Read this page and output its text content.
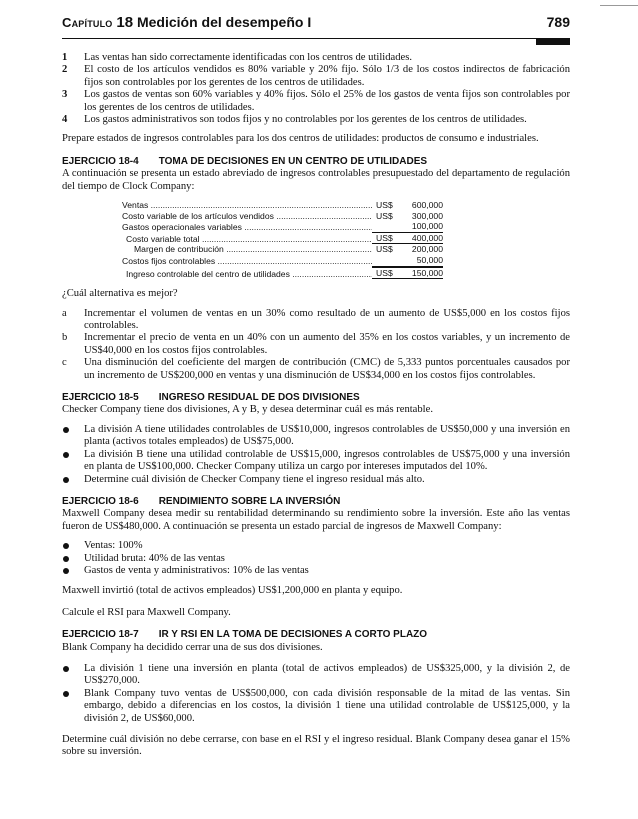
Capítulo 18 Medición del desempeño I	789
1 Las ventas han sido correctamente identificadas con los centros de utilidades.
2 El costo de los artículos vendidos es 80% variable y 20% fijo. Sólo 1/3 de los costos indirectos de fabricación fijos son controlables por los gerentes de los centros de utilidades.
3 Los gastos de ventas son 60% variables y 40% fijos. Sólo el 25% de los gastos de venta fijos son controlables por los gerentes de los centros de utilidades.
4 Los gastos administrativos son todos fijos y no controlables por los gerentes de los centros de utilidades.

Prepare estados de ingresos controlables para los dos centros de utilidades: productos de consumo e industriales.

EJERCICIO 18-4 TOMA DE DECISIONES EN UN CENTRO DE UTILIDADES

A continuación se presenta un estado abreviado de ingresos controlables presupuestado del departamento de regulación del tiempo de Clock Company:

Ventas .....	US$	600,000
Costo variable de los artículos vendidos .....	US$	300,000
Gastos operacionales variables .....	100,000
Costo variable total .....	US$	400,000
Margen de contribución .....	US$	200,000
Costos fijos controlables .....	50,000
Ingreso controlable del centro de utilidades .....	US$	150,000

¿Cuál alternativa es mejor?

a Incrementar el volumen de ventas en un 30% como resultado de un aumento de US$5,000 en los costos fijos controlables.
b Incrementar el precio de venta en un 40% con un aumento del 35% en los costos variables, y un incremento de US$40,000 en los costos fijos controlables.
c Una disminución del coeficiente del margen de contribución (CMC) de 5,333 puntos porcentuales causados por un incremento de US$200,000 en ventas y una disminución de US$34,000 en los costos fijos controlables.
EJERCICIO 18-5 INGRESO RESIDUAL DE DOS DIVISIONES

Checker Company tiene dos divisiones, A y B, y desea determinar cuál es más rentable.

La división A tiene utilidades controlables de US$10,000, ingresos controlables de US$50,000 y una inversión en planta (activos totales empleados) de US$75,000.
La división B tiene una utilidad controlable de US$15,000, ingresos controlables de US$75,000 y una inversión en planta de US$100,000. Checker Company utiliza un cargo por intereses imputados del 10%.
Determine cuál división de Checker Company tiene el ingreso residual más alto.
EJERCICIO 18-6 RENDIMIENTO SOBRE LA INVERSIÓN

Maxwell Company desea medir su rentabilidad determinando su rendimiento sobre la inversión. Este año las ventas fueron de US$480,000. A continuación se presenta un estado parcial de ingresos de Maxwell Company:

Ventas: 100%
Utilidad bruta: 40% de las ventas
Gastos de venta y administrativos: 10% de las ventas

Maxwell invirtió (total de activos empleados) US$1,200,000 en planta y equipo.

Calcule el RSI para Maxwell Company.

EJERCICIO 18-7 IR Y RSI EN LA TOMA DE DECISIONES A CORTO PLAZO

Blank Company ha decidido cerrar una de sus dos divisiones.

La división 1 tiene una inversión en planta (total de activos empleados) de US$325,000, y la división 2, de US$270,000.
Blank Company tuvo ventas de US$500,000, con cada división responsable de la mitad de las ventas. Sin embargo, debido a diferencias en los costos, la división 1 tiene una utilidad controlable de US$125,000, y la división 2, de US$60,000.

Determine cuál división no debe cerrarse, con base en el RSI y el ingreso residual. Blank Company desea ganar el 15% sobre su inversión.
